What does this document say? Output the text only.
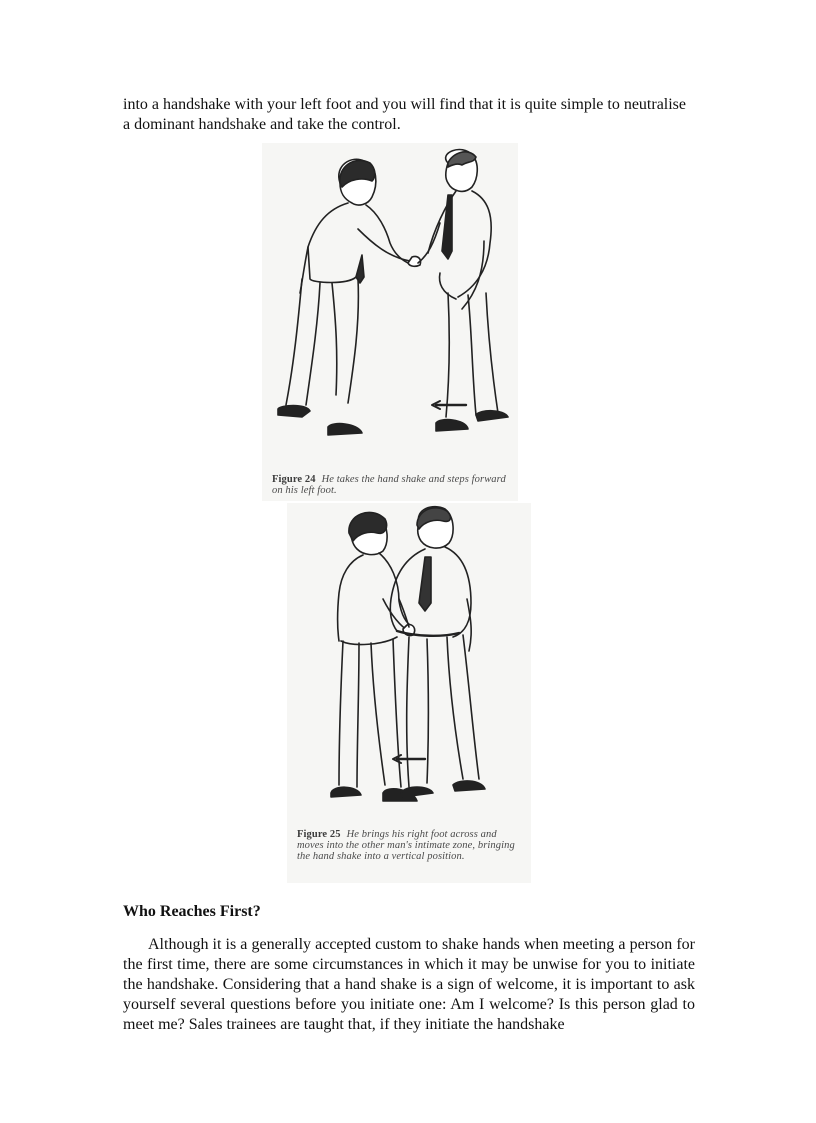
into a handshake with your left foot and you will find that it is quite simple to neutralise a dominant handshake and take the control.

Figure 24 He takes the hand shake and steps forward on his left foot.
Figure 25 He brings his right foot across and moves into the other man's intimate zone, bringing the hand shake into a vertical position.
Who Reaches First?

Although it is a generally accepted custom to shake hands when meeting a person for the first time, there are some circumstances in which it may be unwise for you to initiate the handshake. Considering that a hand shake is a sign of welcome, it is important to ask yourself several questions before you initiate one: Am I welcome? Is this person glad to meet me? Sales trainees are taught that, if they initiate the handshake
